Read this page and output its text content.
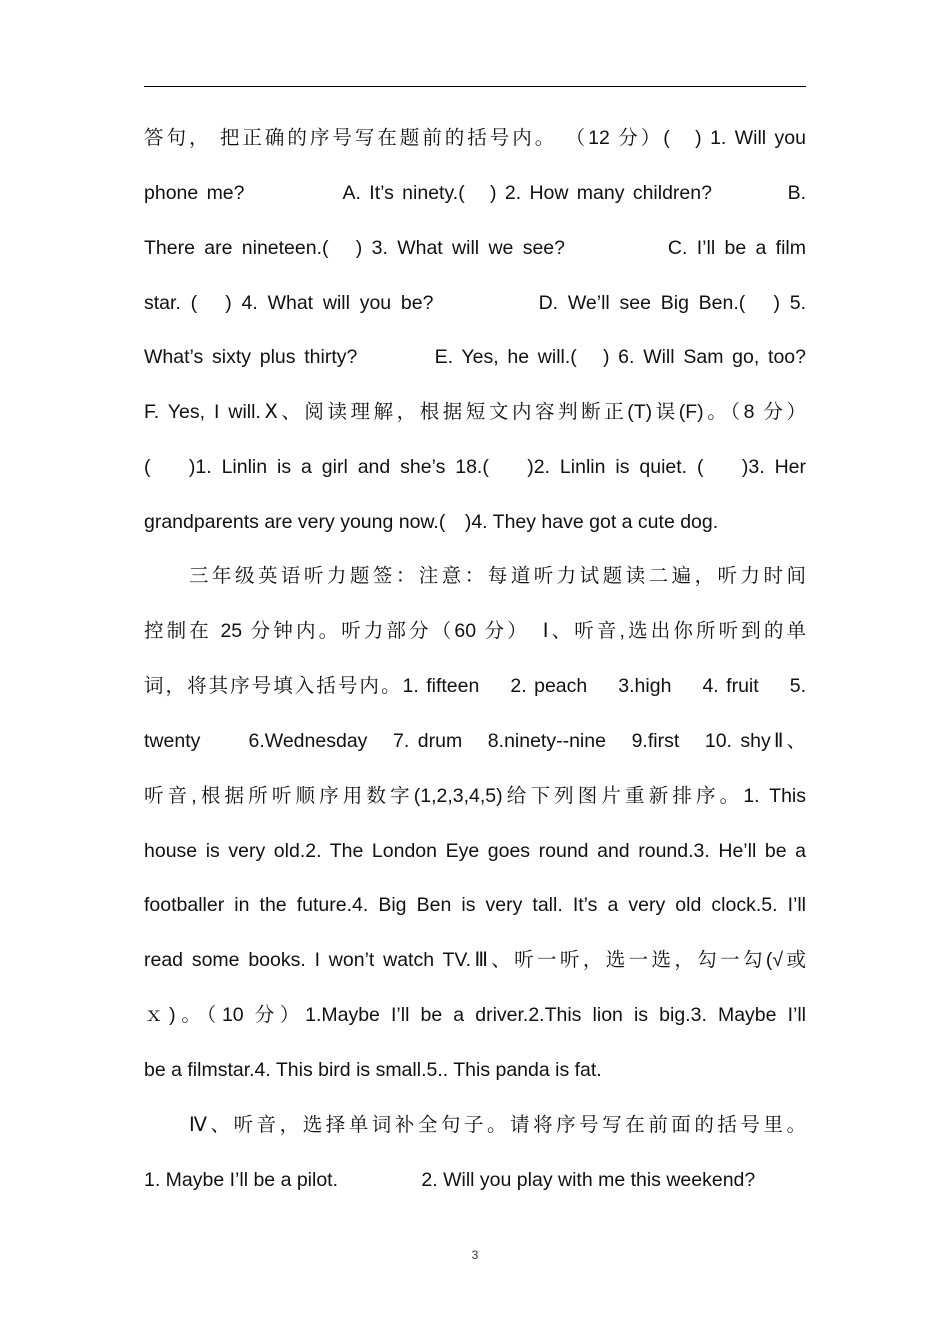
答句， 把正确的序号写在题前的括号内。 （12 分）(　) 1. Will you
phone me? 　　　　A. It’s ninety.(　) 2. How many children? 　　　B.
There are nineteen.(　) 3. What will we see? 　　　　C. I’ll be a film
star. (　) 4. What will you be? 　　　　D. We’ll see Big Ben.(　) 5.
What’s sixty plus thirty? 　　　E. Yes, he will.(　) 6. Will Sam go, too?
F. Yes, I will.Ⅹ、阅读理解，根据短文内容判断正(T)误(F)。（8 分）
(　 )1. Linlin is a girl and she’s 18.(　 )2. Linlin is quiet. (　 )3. Her
grandparents are very young now.(　)4. They have got a cute dog.
三年级英语听力题签：注意：每道听力试题读二遍，听力时间
控制在 25 分钟内。听力部分（60 分）　Ⅰ、听音,选出你所听到的单
词，将其序号填入括号内。1. fifteen　 2. peach　 3.high　 4. fruit　 5.
twenty　　6.Wednesday　7. drum　8.ninety--nine　9.first　10. shyⅡ、
听音,根据所听顺序用数字(1,2,3,4,5)给下列图片重新排序。1. This
house is very old.2. The London Eye goes round and round.3. He’ll be a
footballer in the future.4. Big Ben is very tall. It’s a very old clock.5. I’ll
read some books. I won’t watch TV.Ⅲ、听一听，选一选，勾一勾(√或
ｘ)。（10 分）1.Maybe I’ll be a driver.2.This lion is big.3. Maybe I’ll
be a filmstar.4. This bird is small.5.. This panda is fat.
Ⅳ、听音，选择单词补全句子。请将序号写在前面的括号里。
1. Maybe I’ll be a pilot. 　　　　2. Will you play with me this weekend?
3
